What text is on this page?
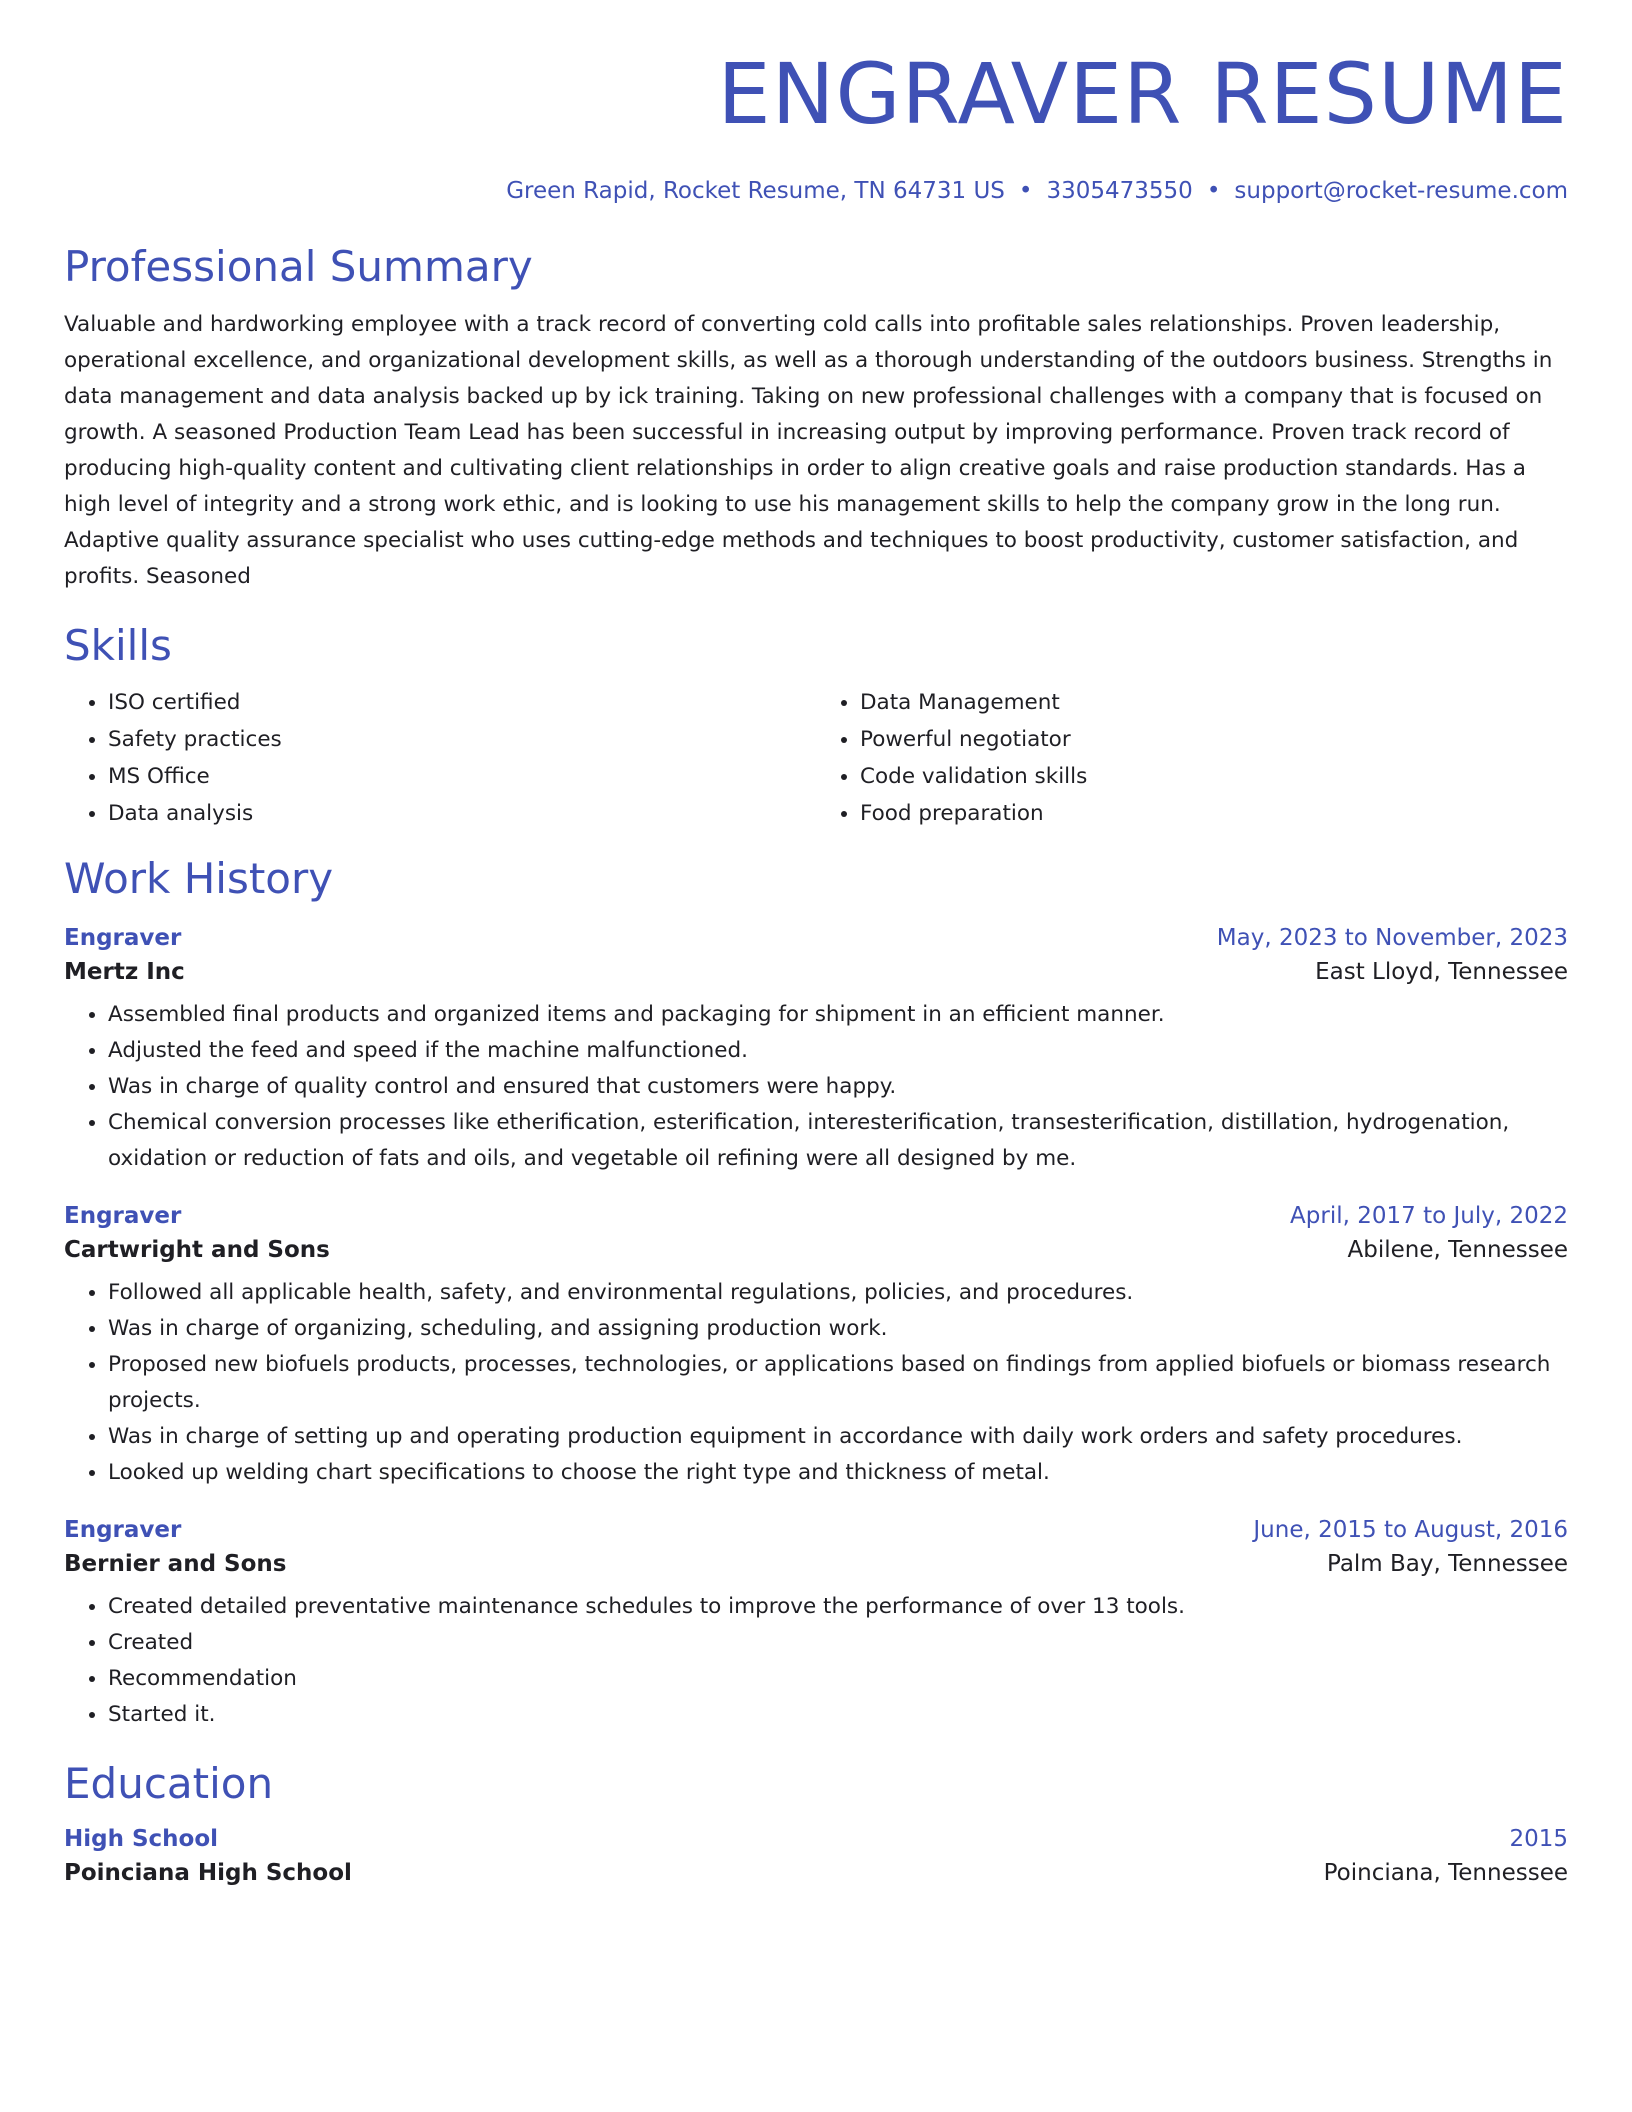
ENGRAVER RESUME
Green Rapid, Rocket Resume, TN 64731 US • 3305473550 • support@rocket-resume.com
Professional Summary

Valuable and hardworking employee with a track record of converting cold calls into profitable sales relationships. Proven leadership, operational excellence, and organizational development skills, as well as a thorough understanding of the outdoors business. Strengths in data management and data analysis backed up by ick training. Taking on new professional challenges with a company that is focused on growth. A seasoned Production Team Lead has been successful in increasing output by improving performance. Proven track record of producing high-quality content and cultivating client relationships in order to align creative goals and raise production standards. Has a high level of integrity and a strong work ethic, and is looking to use his management skills to help the company grow in the long run. Adaptive quality assurance specialist who uses cutting-edge methods and techniques to boost productivity, customer satisfaction, and profits. Seasoned

Skills
• ISO certified
• Safety practices
• MS Office
• Data analysis
• Data Management
• Powerful negotiator
• Code validation skills
• Food preparation
Work History
Engraver	May, 2023 to November, 2023
Mertz Inc	East Lloyd, Tennessee
• Assembled final products and organized items and packaging for shipment in an efficient manner.
• Adjusted the feed and speed if the machine malfunctioned.
• Was in charge of quality control and ensured that customers were happy.
• Chemical conversion processes like etherification, esterification, interesterification, transesterification, distillation, hydrogenation, oxidation or reduction of fats and oils, and vegetable oil refining were all designed by me.
Engraver	April, 2017 to July, 2022
Cartwright and Sons	Abilene, Tennessee
• Followed all applicable health, safety, and environmental regulations, policies, and procedures.
• Was in charge of organizing, scheduling, and assigning production work.
• Proposed new biofuels products, processes, technologies, or applications based on findings from applied biofuels or biomass research projects.
• Was in charge of setting up and operating production equipment in accordance with daily work orders and safety procedures.
• Looked up welding chart specifications to choose the right type and thickness of metal.
Engraver	June, 2015 to August, 2016
Bernier and Sons	Palm Bay, Tennessee
• Created detailed preventative maintenance schedules to improve the performance of over 13 tools.
• Created
• Recommendation
• Started it.
Education
High School	2015
Poinciana High School	Poinciana, Tennessee
